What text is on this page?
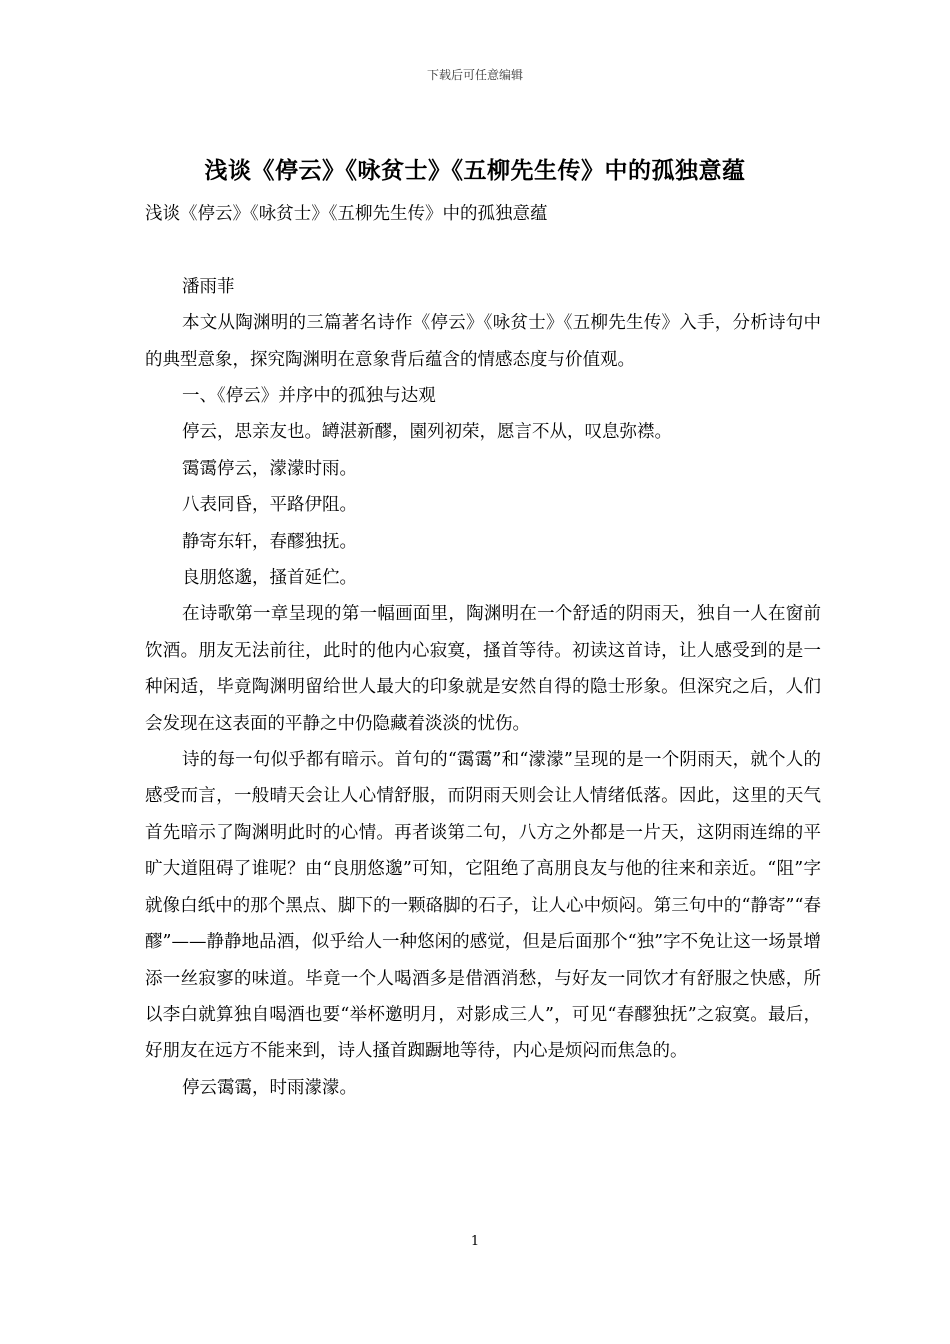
下载后可任意编辑
浅谈《停云》《咏贫士》《五柳先生传》中的孤独意蕴

浅谈《停云》《咏贫士》《五柳先生传》中的孤独意蕴

潘雨菲

本文从陶渊明的三篇著名诗作《停云》《咏贫士》《五柳先生传》入手，分析诗句中的典型意象，探究陶渊明在意象背后蕴含的情感态度与价值观。

一、《停云》并序中的孤独与达观

停云，思亲友也。罇湛新醪，園列初荣，愿言不从，叹息弥襟。

霭霭停云，濛濛时雨。

八表同昏，平路伊阻。

静寄东轩，春醪独抚。

良朋悠邈，搔首延伫。

在诗歌第一章呈现的第一幅画面里，陶渊明在一个舒适的阴雨天，独自一人在窗前饮酒。朋友无法前往，此时的他内心寂寞，搔首等待。初读这首诗，让人感受到的是一种闲适，毕竟陶渊明留给世人最大的印象就是安然自得的隐士形象。但深究之后，人们会发现在这表面的平静之中仍隐藏着淡淡的忧伤。

诗的每一句似乎都有暗示。首句的“霭霭”和“濛濛”呈现的是一个阴雨天，就个人的感受而言，一般晴天会让人心情舒服，而阴雨天则会让人情绪低落。因此，这里的天气首先暗示了陶渊明此时的心情。再者谈第二句，八方之外都是一片天，这阴雨连绵的平旷大道阻碍了谁呢？由“良朋悠邈”可知，它阻绝了高朋良友与他的往来和亲近。“阻”字就像白纸中的那个黑点、脚下的一颗硌脚的石子，让人心中烦闷。第三句中的“静寄”“春醪”——静静地品酒，似乎给人一种悠闲的感觉，但是后面那个“独”字不免让这一场景增添一丝寂寥的味道。毕竟一个人喝酒多是借酒消愁，与好友一同饮才有舒服之快感，所以李白就算独自喝酒也要“举杯邀明月，对影成三人”，可见“春醪独抚”之寂寞。最后，好朋友在远方不能来到，诗人搔首踟蹰地等待，内心是烦闷而焦急的。

停云霭霭，时雨濛濛。

1
